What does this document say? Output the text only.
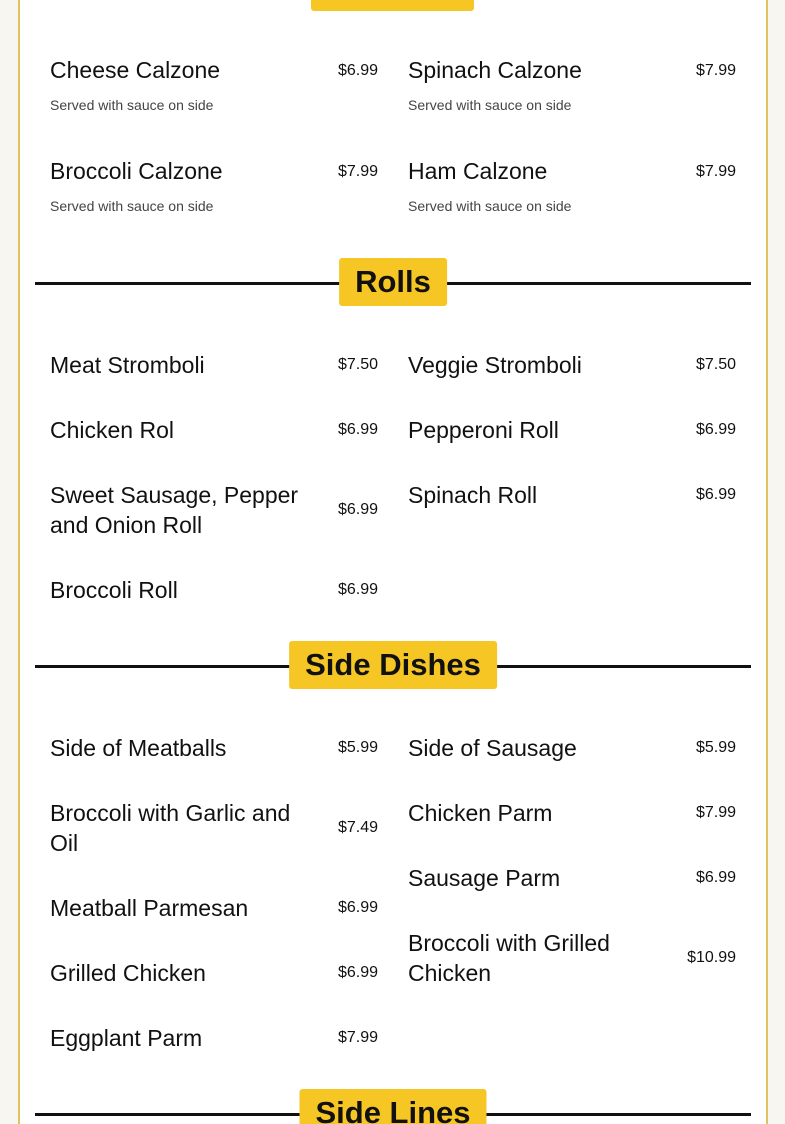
Cheese Calzone	$6.99
Served with sauce on side
Broccoli Calzone	$7.99
Served with sauce on side
Spinach Calzone	$7.99
Served with sauce on side
Ham Calzone	$7.99
Served with sauce on side
Rolls
Meat Stromboli	$7.50
Chicken Rol	$6.99
Sweet Sausage, Pepper and Onion Roll
$6.99
Broccoli Roll	$6.99
Veggie Stromboli	$7.50
Pepperoni Roll	$6.99
Spinach Roll	$6.99
Side Dishes
Side of Meatballs	$5.99
Broccoli with Garlic and Oil
$7.49
Meatball Parmesan	$6.99
Grilled Chicken	$6.99
Eggplant Parm	$7.99
Side of Sausage	$5.99
Chicken Parm	$7.99
Sausage Parm	$6.99
Broccoli with Grilled Chicken
$10.99
Side Lines
